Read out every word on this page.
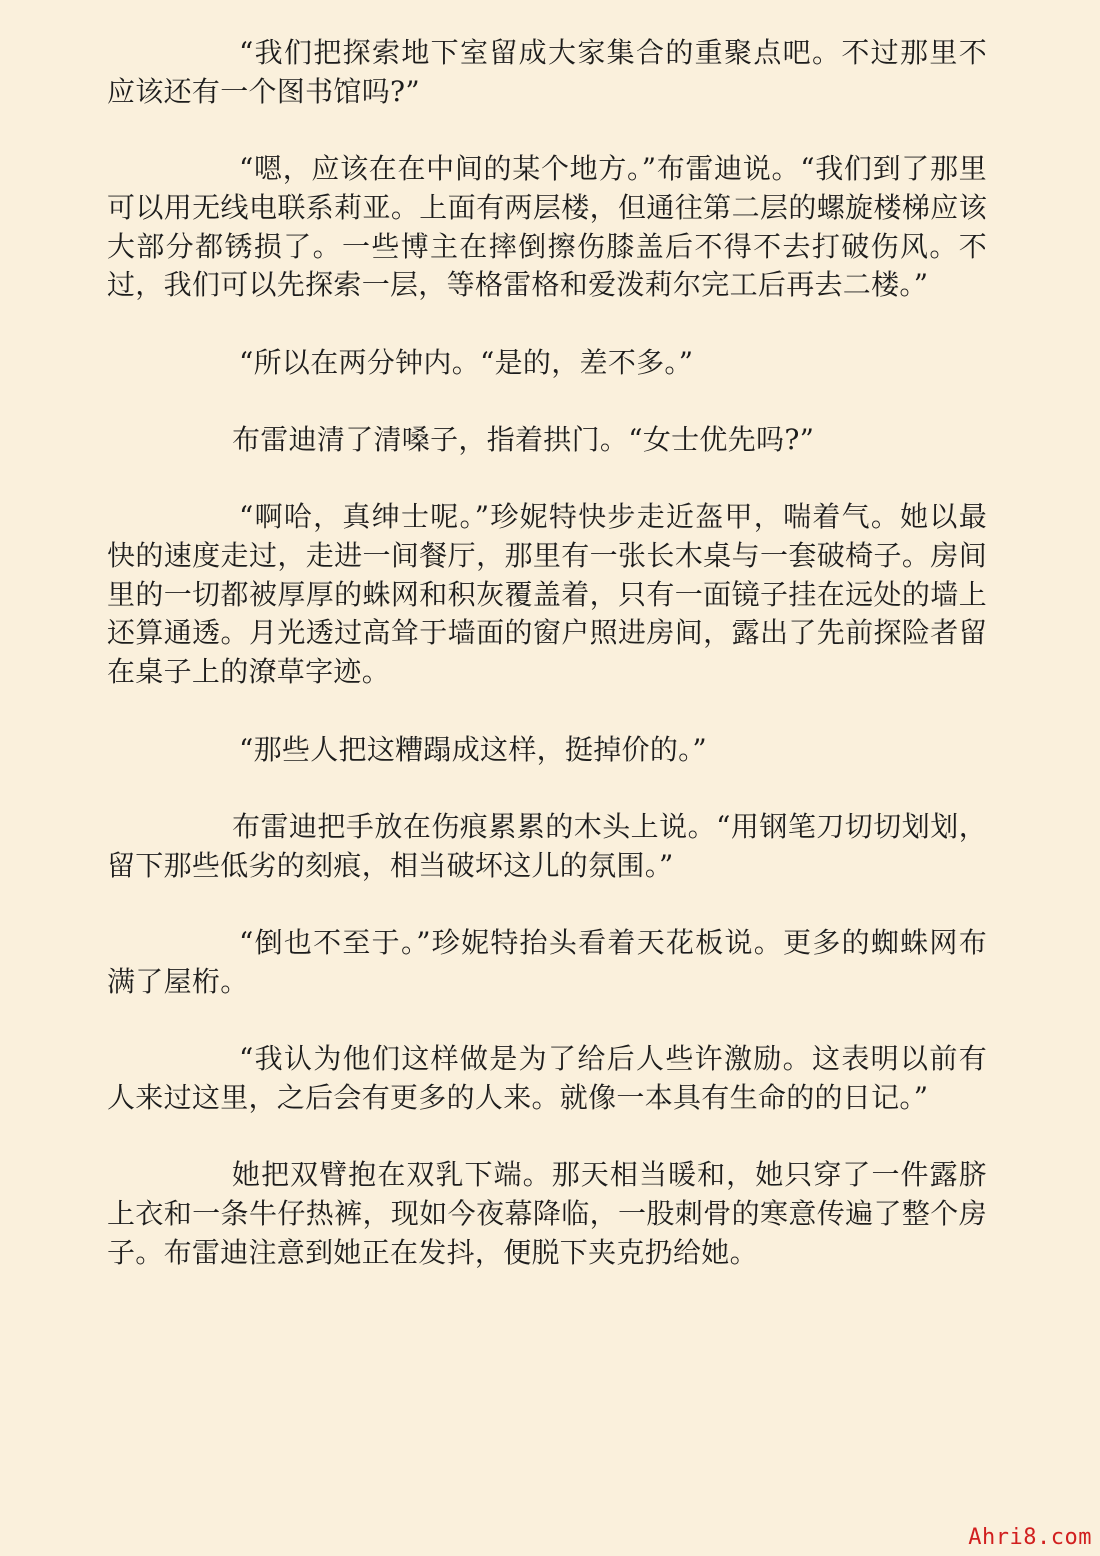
“我们把探索地下室留成大家集合的重聚点吧。不过那里不应该还有一个图书馆吗?”

“嗯，应该在在中间的某个地方。”布雷迪说。“我们到了那里可以用无线电联系莉亚。上面有两层楼，但通往第二层的螺旋楼梯应该大部分都锈损了。一些博主在摔倒擦伤膝盖后不得不去打破伤风。不过，我们可以先探索一层，等格雷格和爱泼莉尔完工后再去二楼。”

“所以在两分钟内。“是的，差不多。”

布雷迪清了清嗓子，指着拱门。“女士优先吗?”

“啊哈，真绅士呢。”珍妮特快步走近盔甲，喘着气。她以最快的速度走过，走进一间餐厅，那里有一张长木桌与一套破椅子。房间里的一切都被厚厚的蛛网和积灰覆盖着，只有一面镜子挂在远处的墙上还算通透。月光透过高耸于墙面的窗户照进房间，露出了先前探险者留在桌子上的潦草字迹。

“那些人把这糟蹋成这样，挺掉价的。”

布雷迪把手放在伤痕累累的木头上说。“用钢笔刀切切划划，留下那些低劣的刻痕，相当破坏这儿的氛围。”

“倒也不至于。”珍妮特抬头看着天花板说。更多的蜘蛛网布满了屋桁。

“我认为他们这样做是为了给后人些许激励。这表明以前有人来过这里，之后会有更多的人来。就像一本具有生命的的日记。”

她把双臂抱在双乳下端。那天相当暖和，她只穿了一件露脐上衣和一条牛仔热裤，现如今夜幕降临，一股刺骨的寒意传遍了整个房子。布雷迪注意到她正在发抖，便脱下夹克扔给她。

Ahri8.com
